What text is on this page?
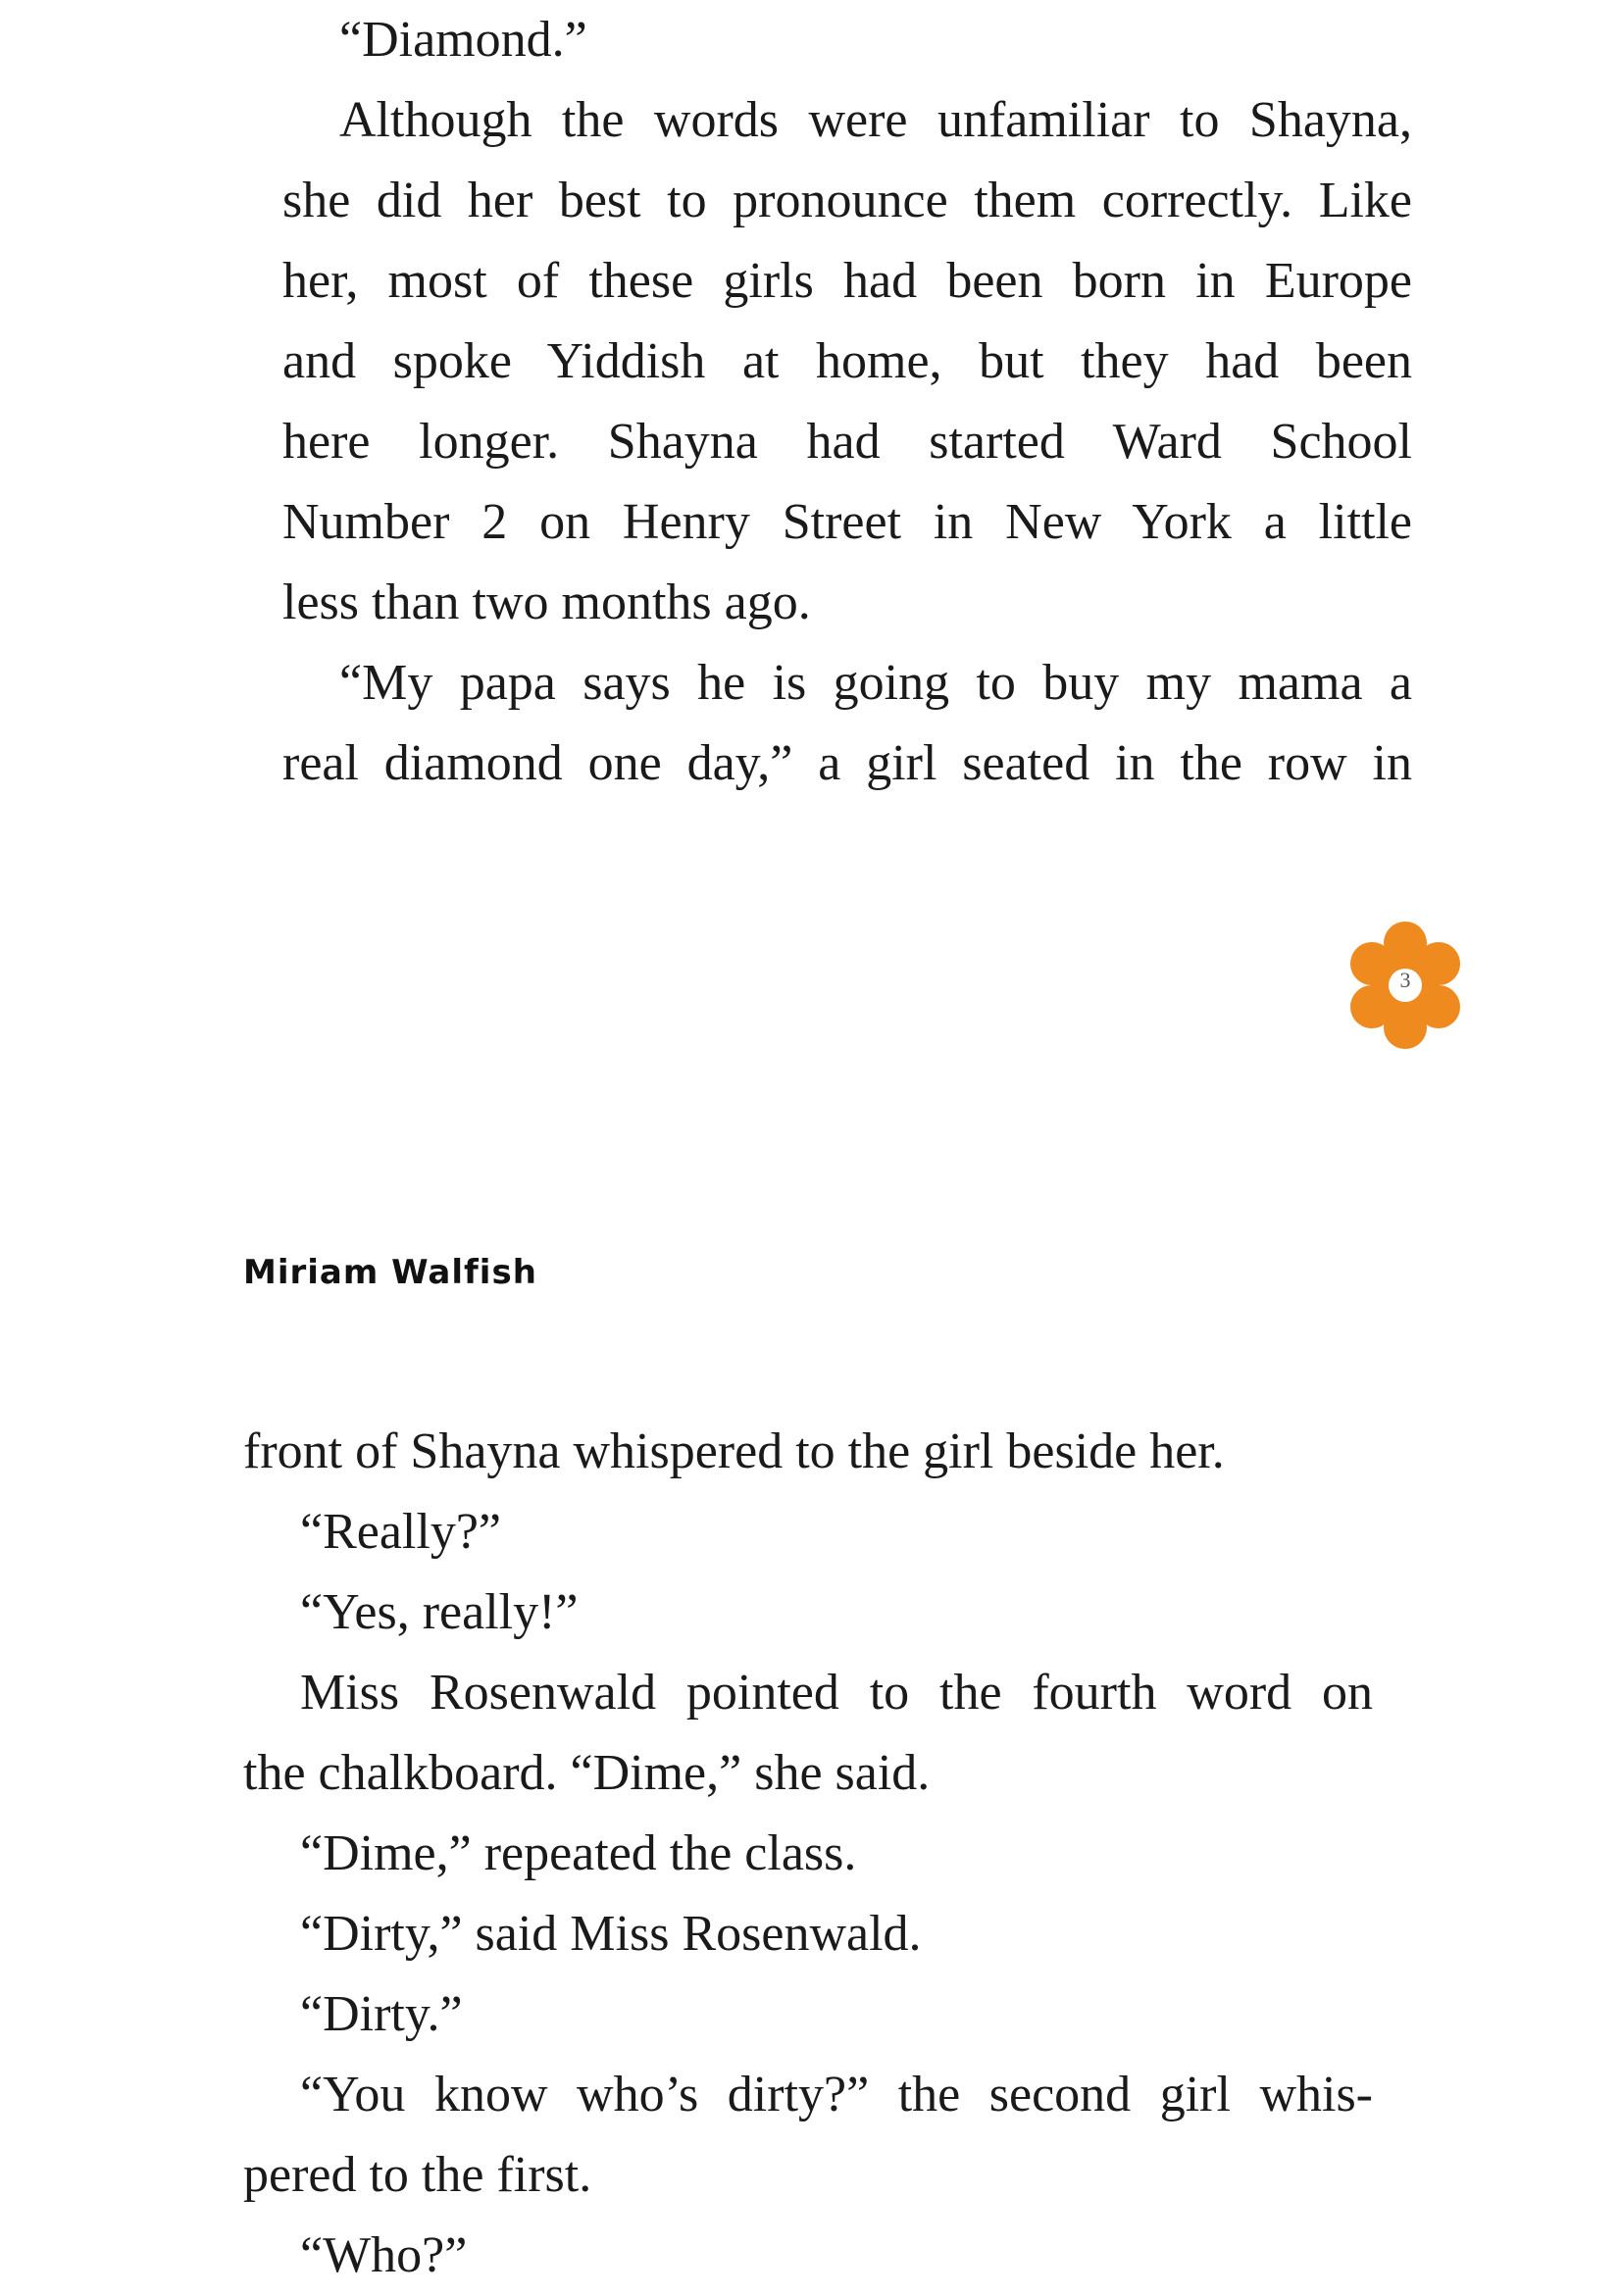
“Diamond.”
Although the words were unfamiliar to Shayna,
she did her best to pronounce them correctly. Like
her, most of these girls had been born in Europe
and spoke Yiddish at home, but they had been
here longer. Shayna had started Ward School
Number 2 on Henry Street in New York a little
less than two months ago.
“My papa says he is going to buy my mama a
real diamond one day,” a girl seated in the row in
3
Miriam Walfish
front of Shayna whispered to the girl beside her.
“Really?”
“Yes, really!”
Miss Rosenwald pointed to the fourth word on
the chalkboard. “Dime,” she said.
“Dime,” repeated the class.
“Dirty,” said Miss Rosenwald.
“Dirty.”
“You know who’s dirty?” the second girl whis-
pered to the first.
“Who?”
